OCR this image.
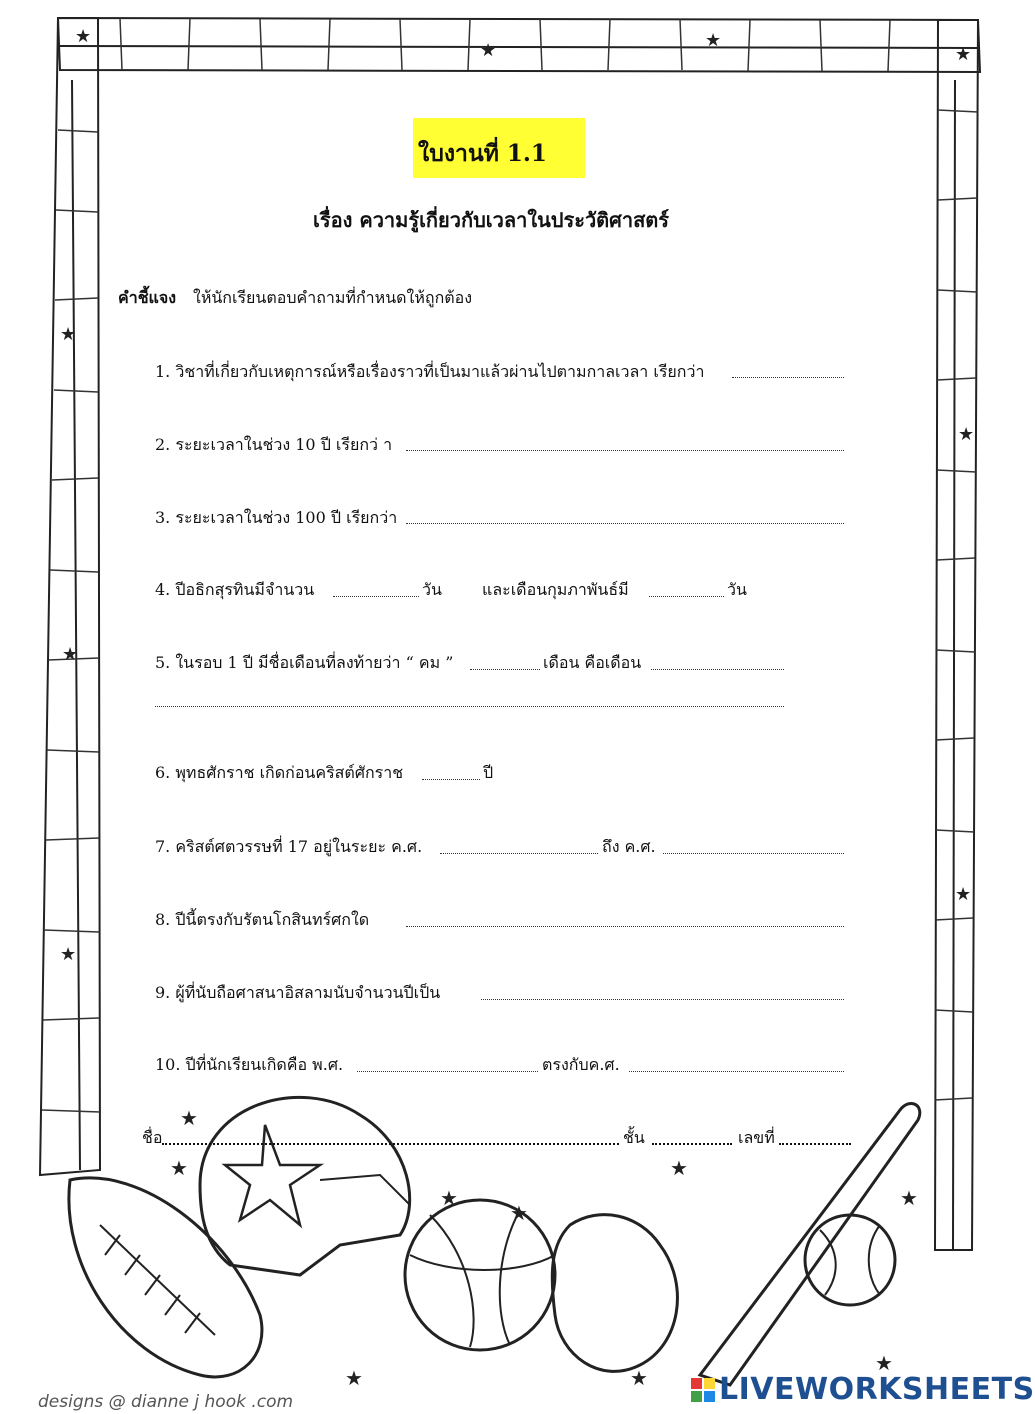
★
★	★
★
★
★
★
★
★
ใบงานที่ 1.1
เรื่อง ความรู้เกี่ยวกับเวลาในประวัติศาสตร์
คำชี้แจง ให้นักเรียนตอบคำถามที่กำหนดให้ถูกต้อง
1. วิชาที่เกี่ยวกับเหตุการณ์หรือเรื่องราวที่เป็นมาแล้วผ่านไปตามกาลเวลา เรียกว่า
2. ระยะเวลาในช่วง 10 ปี เรียกว่ า
3. ระยะเวลาในช่วง 100 ปี เรียกว่า
4. ปีอธิกสุรทินมีจำนวน	วัน	และเดือนกุมภาพันธ์มี	วัน
5. ในรอบ 1 ปี มีชื่อเดือนที่ลงท้ายว่า “ คม ”	เดือน คือเดือน
6. พุทธศักราช เกิดก่อนคริสต์ศักราช	ปี
7. คริสต์ศตวรรษที่ 17 อยู่ในระยะ ค.ศ.	ถึง ค.ศ.
8. ปีนี้ตรงกับรัตนโกสินทร์ศกใด
9. ผู้ที่นับถือศาสนาอิสลามนับจำนวนปีเป็น
10. ปีที่นักเรียนเกิดคือ พ.ศ.	ตรงกับค.ศ.
★
★
★
★
★
★	★
★
★
ชื่อ	ชั้น	เลขที่
designs @ dianne j hook .com	LIVEWORKSHEETS
